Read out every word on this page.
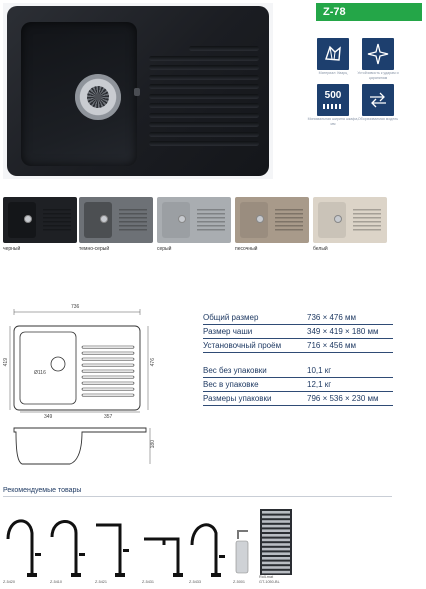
Z-78
Материал: Кварц	Устойчивость к ударам и царапинам
500
Минимальная ширина шкафа, мм
Оборачиваемая модель
черный	темно-серый	серый	песочный	белый
736
419	476
Ø116
349	357
180
Общий размер	736 × 476 мм
Размер чаши	349 × 419 × 180 мм
Установочный проём	716 × 456 мм
Вес без упаковки	10,1 кг
Вес в упаковке	12,1 кг
Размеры упаковки	796 × 536 × 230 мм
Рекомендуемые товары
Z-5420	Z-5410	Z-5421	Z-5431	Z-5433	Z-5001
Roll-mat
GT-1050-BL
